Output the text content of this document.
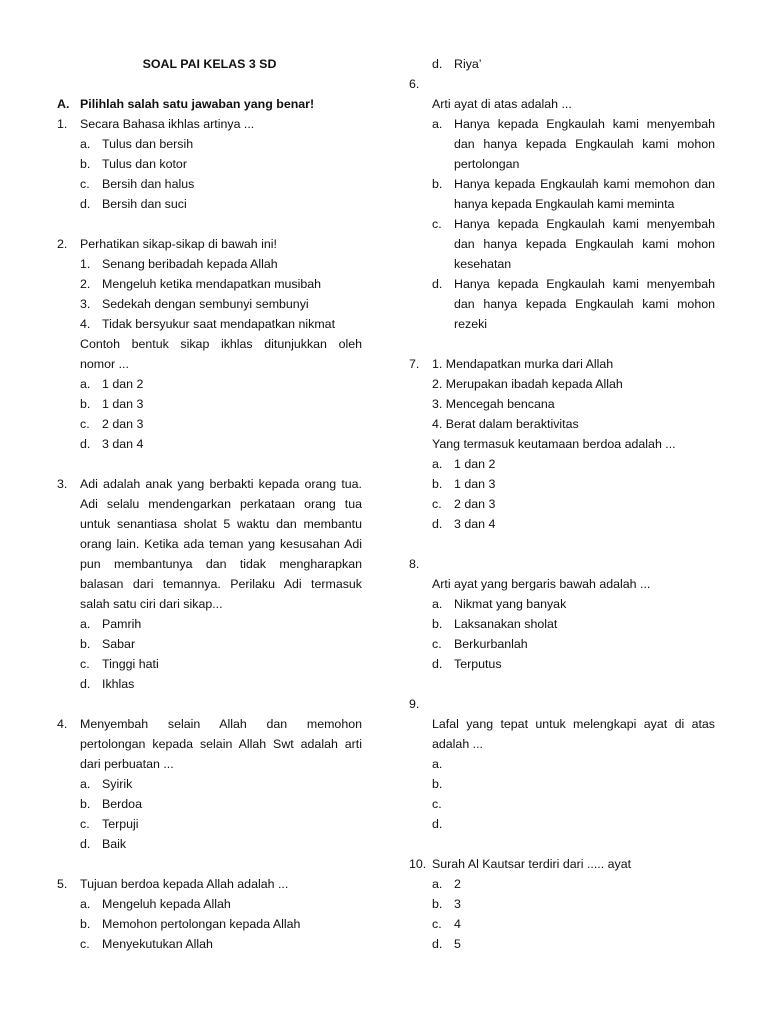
SOAL PAI KELAS 3 SD
A. Pilihlah salah satu jawaban yang benar!
1. Secara Bahasa ikhlas artinya ...
a. Tulus dan bersih
b. Tulus dan kotor
c. Bersih dan halus
d. Bersih dan suci
2. Perhatikan sikap-sikap di bawah ini!
1. Senang beribadah kepada Allah
2. Mengeluh ketika mendapatkan musibah
3. Sedekah dengan sembunyi sembunyi
4. Tidak bersyukur saat mendapatkan nikmat
Contoh bentuk sikap ikhlas ditunjukkan oleh
nomor ...
a. 1 dan 2
b. 1 dan 3
c. 2 dan 3
d. 3 dan 4
3. Adi adalah anak yang berbakti kepada orang tua.
Adi selalu mendengarkan perkataan orang tua
untuk senantiasa sholat 5 waktu dan membantu
orang lain. Ketika ada teman yang kesusahan Adi
pun membantunya dan tidak mengharapkan
balasan dari temannya. Perilaku Adi termasuk
salah satu ciri dari sikap...
a. Pamrih
b. Sabar
c. Tinggi hati
d. Ikhlas
4. Menyembah selain Allah dan memohon
pertolongan kepada selain Allah Swt adalah arti
dari perbuatan ...
a. Syirik
b. Berdoa
c. Terpuji
d. Baik
5. Tujuan berdoa kepada Allah adalah ...
a. Mengeluh kepada Allah
b. Memohon pertolongan kepada Allah
c. Menyekutukan Allah
d. Riya’
6.
Arti ayat di atas adalah ...
a. Hanya kepada Engkaulah kami menyembah
dan hanya kepada Engkaulah kami mohon
pertolongan
b. Hanya kepada Engkaulah kami memohon dan
hanya kepada Engkaulah kami meminta
c. Hanya kepada Engkaulah kami menyembah
dan hanya kepada Engkaulah kami mohon
kesehatan
d. Hanya kepada Engkaulah kami menyembah
dan hanya kepada Engkaulah kami mohon
rezeki
7. 1. Mendapatkan murka dari Allah
2. Merupakan ibadah kepada Allah
3. Mencegah bencana
4. Berat dalam beraktivitas
Yang termasuk keutamaan berdoa adalah ...
a. 1 dan 2
b. 1 dan 3
c. 2 dan 3
d. 3 dan 4
8.
Arti ayat yang bergaris bawah adalah ...
a. Nikmat yang banyak
b. Laksanakan sholat
c. Berkurbanlah
d. Terputus
9.
Lafal yang tepat untuk melengkapi ayat di atas
adalah ...
a.
b.
c.
d.
10. Surah Al Kautsar terdiri dari ..... ayat
a. 2
b. 3
c. 4
d. 5
